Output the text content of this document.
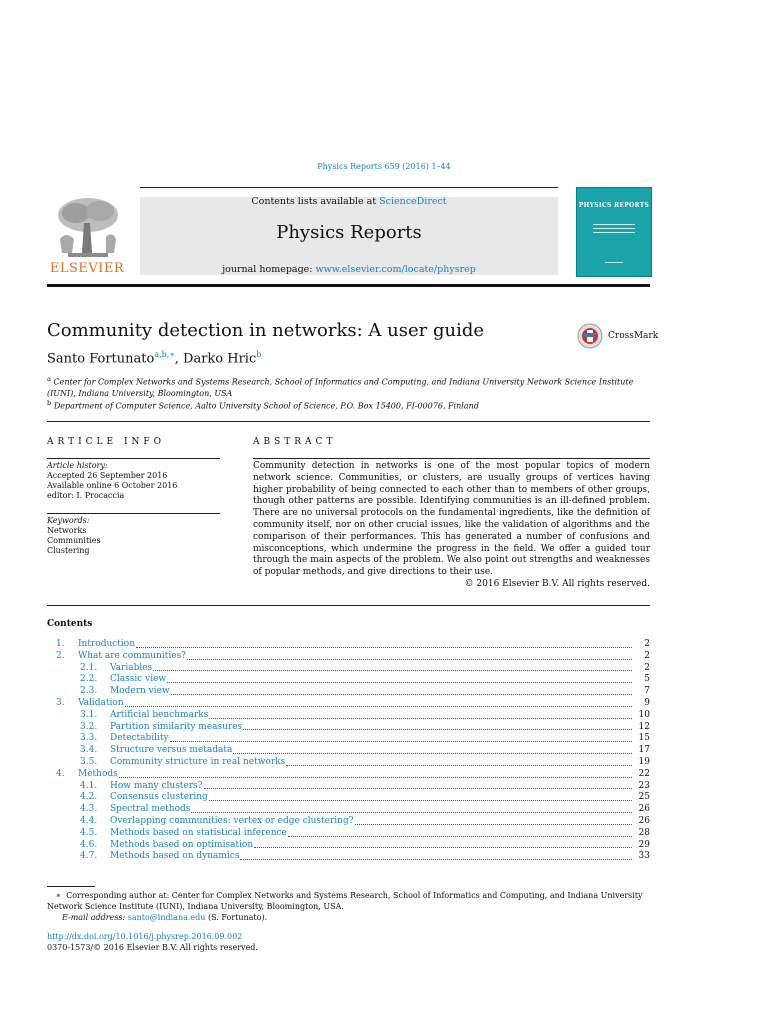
Physics Reports 659 (2016) 1–44
Contents lists available at ScienceDirect
Physics Reports
journal homepage: www.elsevier.com/locate/physrep
ELSEVIER
PHYSICS REPORTS
Community detection in networks: A user guide	CrossMark
Santo Fortunato$^{a,b,∗}$, Darko Hric$^b$
$^a$ Center for Complex Networks and Systems Research, School of Informatics and Computing, and Indiana University Network Science Institute (IUNI), Indiana University, Bloomington, USA
$^b$ Department of Computer Science, Aalto University School of Science, P.O. Box 15400, FI-00076, Finland
ARTICLE INFO
Article history:
Accepted 26 September 2016
Available online 6 October 2016
editor: I. Procaccia
Keywords:
Networks
Communities
Clustering
ABSTRACT
Community detection in networks is one of the most popular topics of modern network science. Communities, or clusters, are usually groups of vertices having higher probability of being connected to each other than to members of other groups, though other patterns are possible. Identifying communities is an ill-defined problem. There are no universal protocols on the fundamental ingredients, like the definition of community itself, nor on other crucial issues, like the validation of algorithms and the comparison of their performances. This has generated a number of confusions and misconceptions, which undermine the progress in the field. We offer a guided tour through the main aspects of the problem. We also point out strengths and weaknesses of popular methods, and give directions to their use.
© 2016 Elsevier B.V. All rights reserved.
Contents
1. Introduction	2
2. What are communities?	2
2.1. Variables	2
2.2. Classic view	5
2.3. Modern view	7
3. Validation	9
3.1. Artificial benchmarks	10
3.2. Partition similarity measures	12
3.3. Detectability	15
3.4. Structure versus metadata	17
3.5. Community structure in real networks	19
4. Methods	22
4.1. How many clusters?	23
4.2. Consensus clustering	25
4.3. Spectral methods	26
4.4. Overlapping communities: vertex or edge clustering?	26
4.5. Methods based on statistical inference	28
4.6. Methods based on optimisation	29
4.7. Methods based on dynamics	33
∗ Corresponding author at: Center for Complex Networks and Systems Research, School of Informatics and Computing, and Indiana University Network Science Institute (IUNI), Indiana University, Bloomington, USA.
E-mail address: santo@indiana.edu (S. Fortunato).
http://dx.doi.org/10.1016/j.physrep.2016.09.002
0370-1573/© 2016 Elsevier B.V. All rights reserved.
